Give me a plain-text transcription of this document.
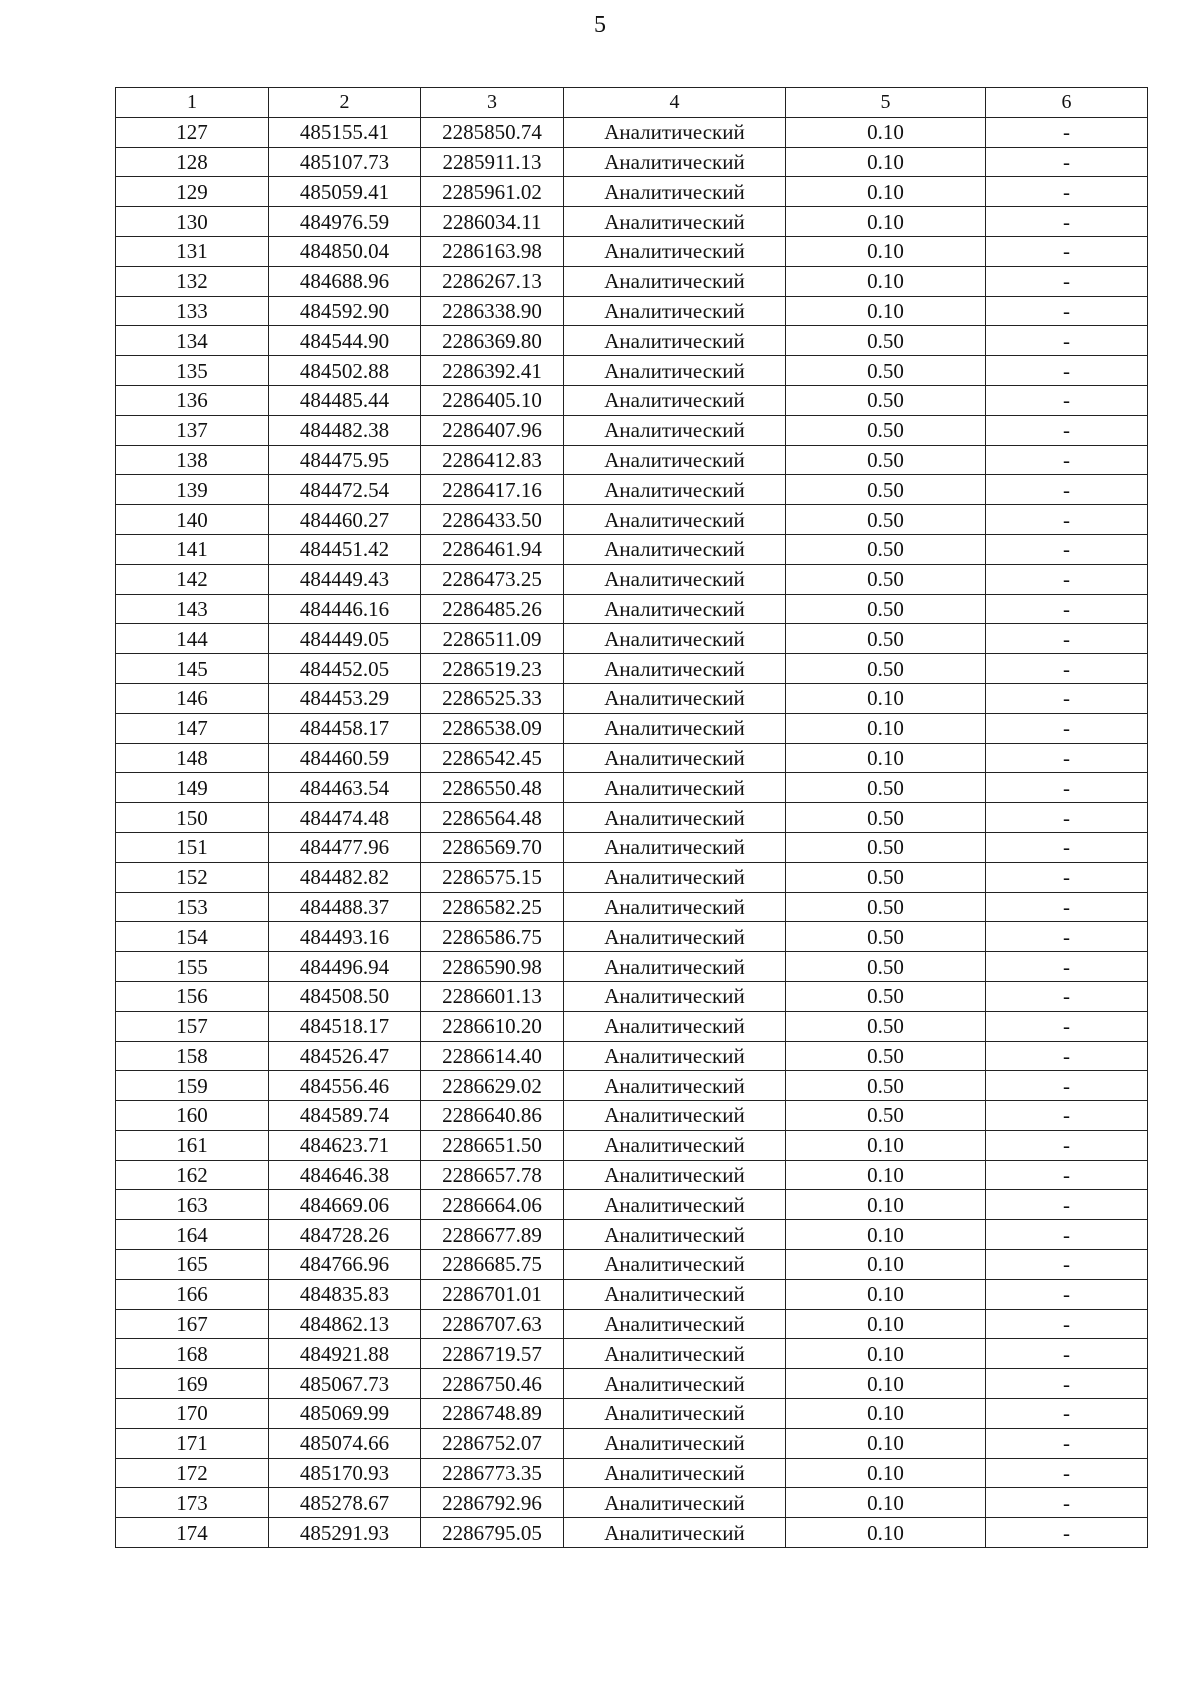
5
1	2	3	4	5	6
127	485155.41	2285850.74	Аналитический	0.10	-
128	485107.73	2285911.13	Аналитический	0.10	-
129	485059.41	2285961.02	Аналитический	0.10	-
130	484976.59	2286034.11	Аналитический	0.10	-
131	484850.04	2286163.98	Аналитический	0.10	-
132	484688.96	2286267.13	Аналитический	0.10	-
133	484592.90	2286338.90	Аналитический	0.10	-
134	484544.90	2286369.80	Аналитический	0.50	-
135	484502.88	2286392.41	Аналитический	0.50	-
136	484485.44	2286405.10	Аналитический	0.50	-
137	484482.38	2286407.96	Аналитический	0.50	-
138	484475.95	2286412.83	Аналитический	0.50	-
139	484472.54	2286417.16	Аналитический	0.50	-
140	484460.27	2286433.50	Аналитический	0.50	-
141	484451.42	2286461.94	Аналитический	0.50	-
142	484449.43	2286473.25	Аналитический	0.50	-
143	484446.16	2286485.26	Аналитический	0.50	-
144	484449.05	2286511.09	Аналитический	0.50	-
145	484452.05	2286519.23	Аналитический	0.50	-
146	484453.29	2286525.33	Аналитический	0.10	-
147	484458.17	2286538.09	Аналитический	0.10	-
148	484460.59	2286542.45	Аналитический	0.10	-
149	484463.54	2286550.48	Аналитический	0.50	-
150	484474.48	2286564.48	Аналитический	0.50	-
151	484477.96	2286569.70	Аналитический	0.50	-
152	484482.82	2286575.15	Аналитический	0.50	-
153	484488.37	2286582.25	Аналитический	0.50	-
154	484493.16	2286586.75	Аналитический	0.50	-
155	484496.94	2286590.98	Аналитический	0.50	-
156	484508.50	2286601.13	Аналитический	0.50	-
157	484518.17	2286610.20	Аналитический	0.50	-
158	484526.47	2286614.40	Аналитический	0.50	-
159	484556.46	2286629.02	Аналитический	0.50	-
160	484589.74	2286640.86	Аналитический	0.50	-
161	484623.71	2286651.50	Аналитический	0.10	-
162	484646.38	2286657.78	Аналитический	0.10	-
163	484669.06	2286664.06	Аналитический	0.10	-
164	484728.26	2286677.89	Аналитический	0.10	-
165	484766.96	2286685.75	Аналитический	0.10	-
166	484835.83	2286701.01	Аналитический	0.10	-
167	484862.13	2286707.63	Аналитический	0.10	-
168	484921.88	2286719.57	Аналитический	0.10	-
169	485067.73	2286750.46	Аналитический	0.10	-
170	485069.99	2286748.89	Аналитический	0.10	-
171	485074.66	2286752.07	Аналитический	0.10	-
172	485170.93	2286773.35	Аналитический	0.10	-
173	485278.67	2286792.96	Аналитический	0.10	-
174	485291.93	2286795.05	Аналитический	0.10	-
